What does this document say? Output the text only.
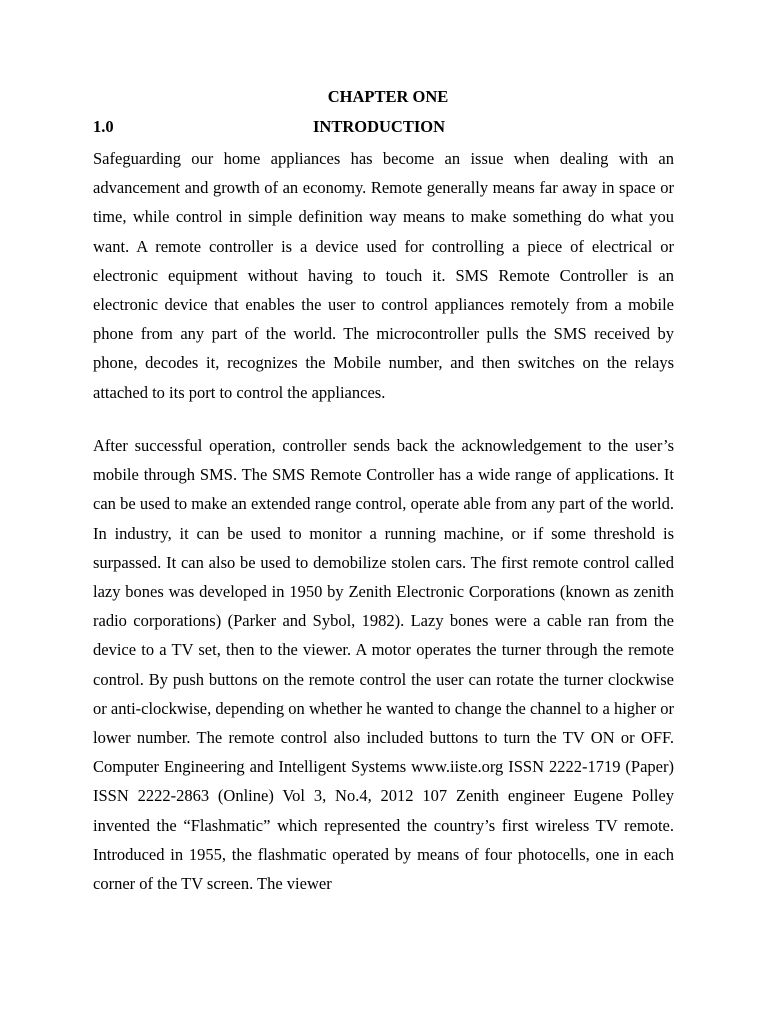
CHAPTER ONE
1.0	INTRODUCTION

Safeguarding our home appliances has become an issue when dealing with an advancement and growth of an economy. Remote generally means far away in space or time, while control in simple definition way means to make something do what you want. A remote controller is a device used for controlling a piece of electrical or electronic equipment without having to touch it. SMS Remote Controller is an electronic device that enables the user to control appliances remotely from a mobile phone from any part of the world. The microcontroller pulls the SMS received by phone, decodes it, recognizes the Mobile number, and then switches on the relays attached to its port to control the appliances.

After successful operation, controller sends back the acknowledgement to the user’s mobile through SMS. The SMS Remote Controller has a wide range of applications. It can be used to make an extended range control, operate able from any part of the world. In industry, it can be used to monitor a running machine, or if some threshold is surpassed. It can also be used to demobilize stolen cars. The first remote control called lazy bones was developed in 1950 by Zenith Electronic Corporations (known as zenith radio corporations) (Parker and Sybol, 1982). Lazy bones were a cable ran from the device to a TV set, then to the viewer. A motor operates the turner through the remote control. By push buttons on the remote control the user can rotate the turner clockwise or anti-clockwise, depending on whether he wanted to change the channel to a higher or lower number. The remote control also included buttons to turn the TV ON or OFF. Computer Engineering and Intelligent Systems www.iiste.org ISSN 2222-1719 (Paper) ISSN 2222-2863 (Online) Vol 3, No.4, 2012 107 Zenith engineer Eugene Polley invented the “Flashmatic” which represented the country’s first wireless TV remote. Introduced in 1955, the flashmatic operated by means of four photocells, one in each corner of the TV screen. The viewer
